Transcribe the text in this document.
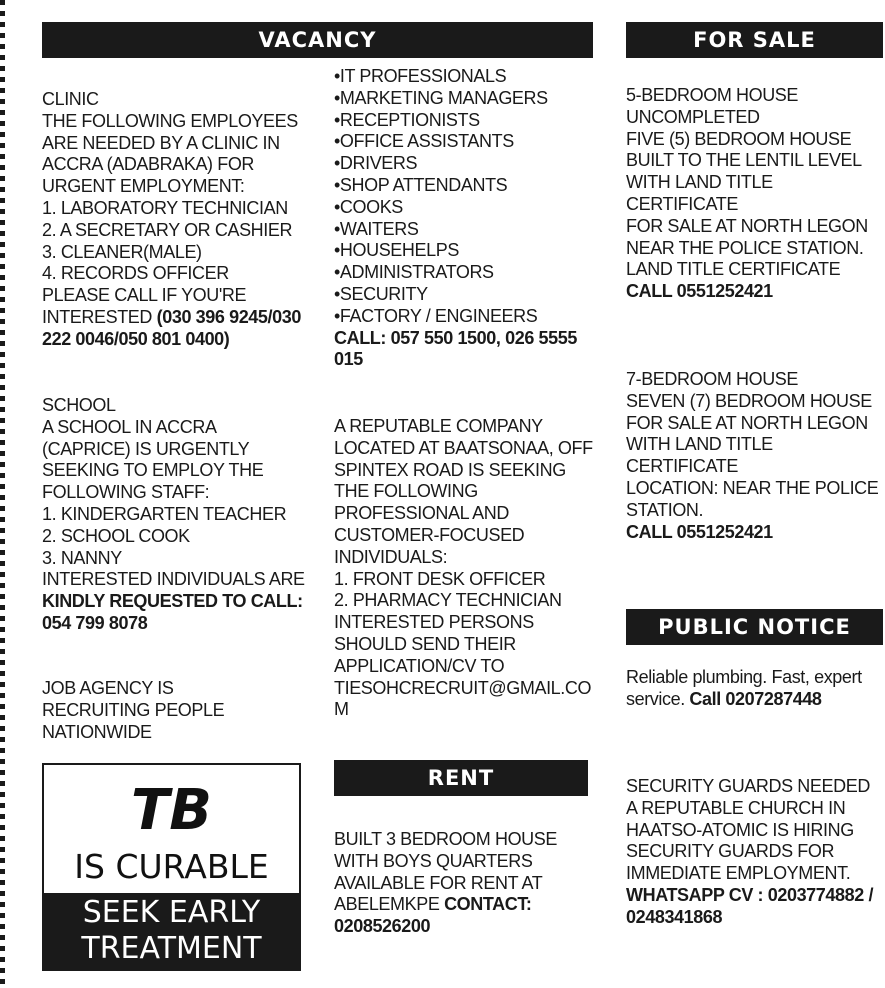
VACANCY	FOR SALE
PUBLIC NOTICE
RENT
CLINIC
THE FOLLOWING EMPLOYEES
ARE NEEDED BY A CLINIC IN
ACCRA (ADABRAKA) FOR
URGENT EMPLOYMENT:
1. LABORATORY TECHNICIAN
2. A SECRETARY OR CASHIER
3. CLEANER(MALE)
4. RECORDS OFFICER
PLEASE CALL IF YOU'RE
INTERESTED (030 396 9245/030
222 0046/050 801 0400)
SCHOOL
A SCHOOL IN ACCRA
(CAPRICE) IS URGENTLY
SEEKING TO EMPLOY THE
FOLLOWING STAFF:
1. KINDERGARTEN TEACHER
2. SCHOOL COOK
3. NANNY
INTERESTED INDIVIDUALS ARE
KINDLY REQUESTED TO CALL:
054 799 8078
JOB AGENCY IS
RECRUITING PEOPLE
NATIONWIDE
TB
IS CURABLE
SEEK EARLY
TREATMENT
•IT PROFESSIONALS
•MARKETING MANAGERS
•RECEPTIONISTS
•OFFICE ASSISTANTS
•DRIVERS
•SHOP ATTENDANTS
•COOKS
•WAITERS
•HOUSEHELPS
•ADMINISTRATORS
•SECURITY
•FACTORY / ENGINEERS
CALL: 057 550 1500, 026 5555
015
A REPUTABLE COMPANY
LOCATED AT BAATSONAA, OFF
SPINTEX ROAD IS SEEKING
THE FOLLOWING
PROFESSIONAL AND
CUSTOMER-FOCUSED
INDIVIDUALS:
1. FRONT DESK OFFICER
2. PHARMACY TECHNICIAN
INTERESTED PERSONS
SHOULD SEND THEIR
APPLICATION/CV TO
TIESOHCRECRUIT@GMAIL.CO
M
BUILT 3 BEDROOM HOUSE
WITH BOYS QUARTERS
AVAILABLE FOR RENT AT
ABELEMKPE CONTACT:
0208526200
5-BEDROOM HOUSE
UNCOMPLETED
FIVE (5) BEDROOM HOUSE
BUILT TO THE LENTIL LEVEL
WITH LAND TITLE
CERTIFICATE
FOR SALE AT NORTH LEGON
NEAR THE POLICE STATION.
LAND TITLE CERTIFICATE
CALL 0551252421
7-BEDROOM HOUSE
SEVEN (7) BEDROOM HOUSE
FOR SALE AT NORTH LEGON
WITH LAND TITLE
CERTIFICATE
LOCATION: NEAR THE POLICE
STATION.
CALL 0551252421
Reliable plumbing. Fast, expert
service. Call 0207287448
SECURITY GUARDS NEEDED
A REPUTABLE CHURCH IN
HAATSO-ATOMIC IS HIRING
SECURITY GUARDS FOR
IMMEDIATE EMPLOYMENT.
WHATSAPP CV : 0203774882 /
0248341868
